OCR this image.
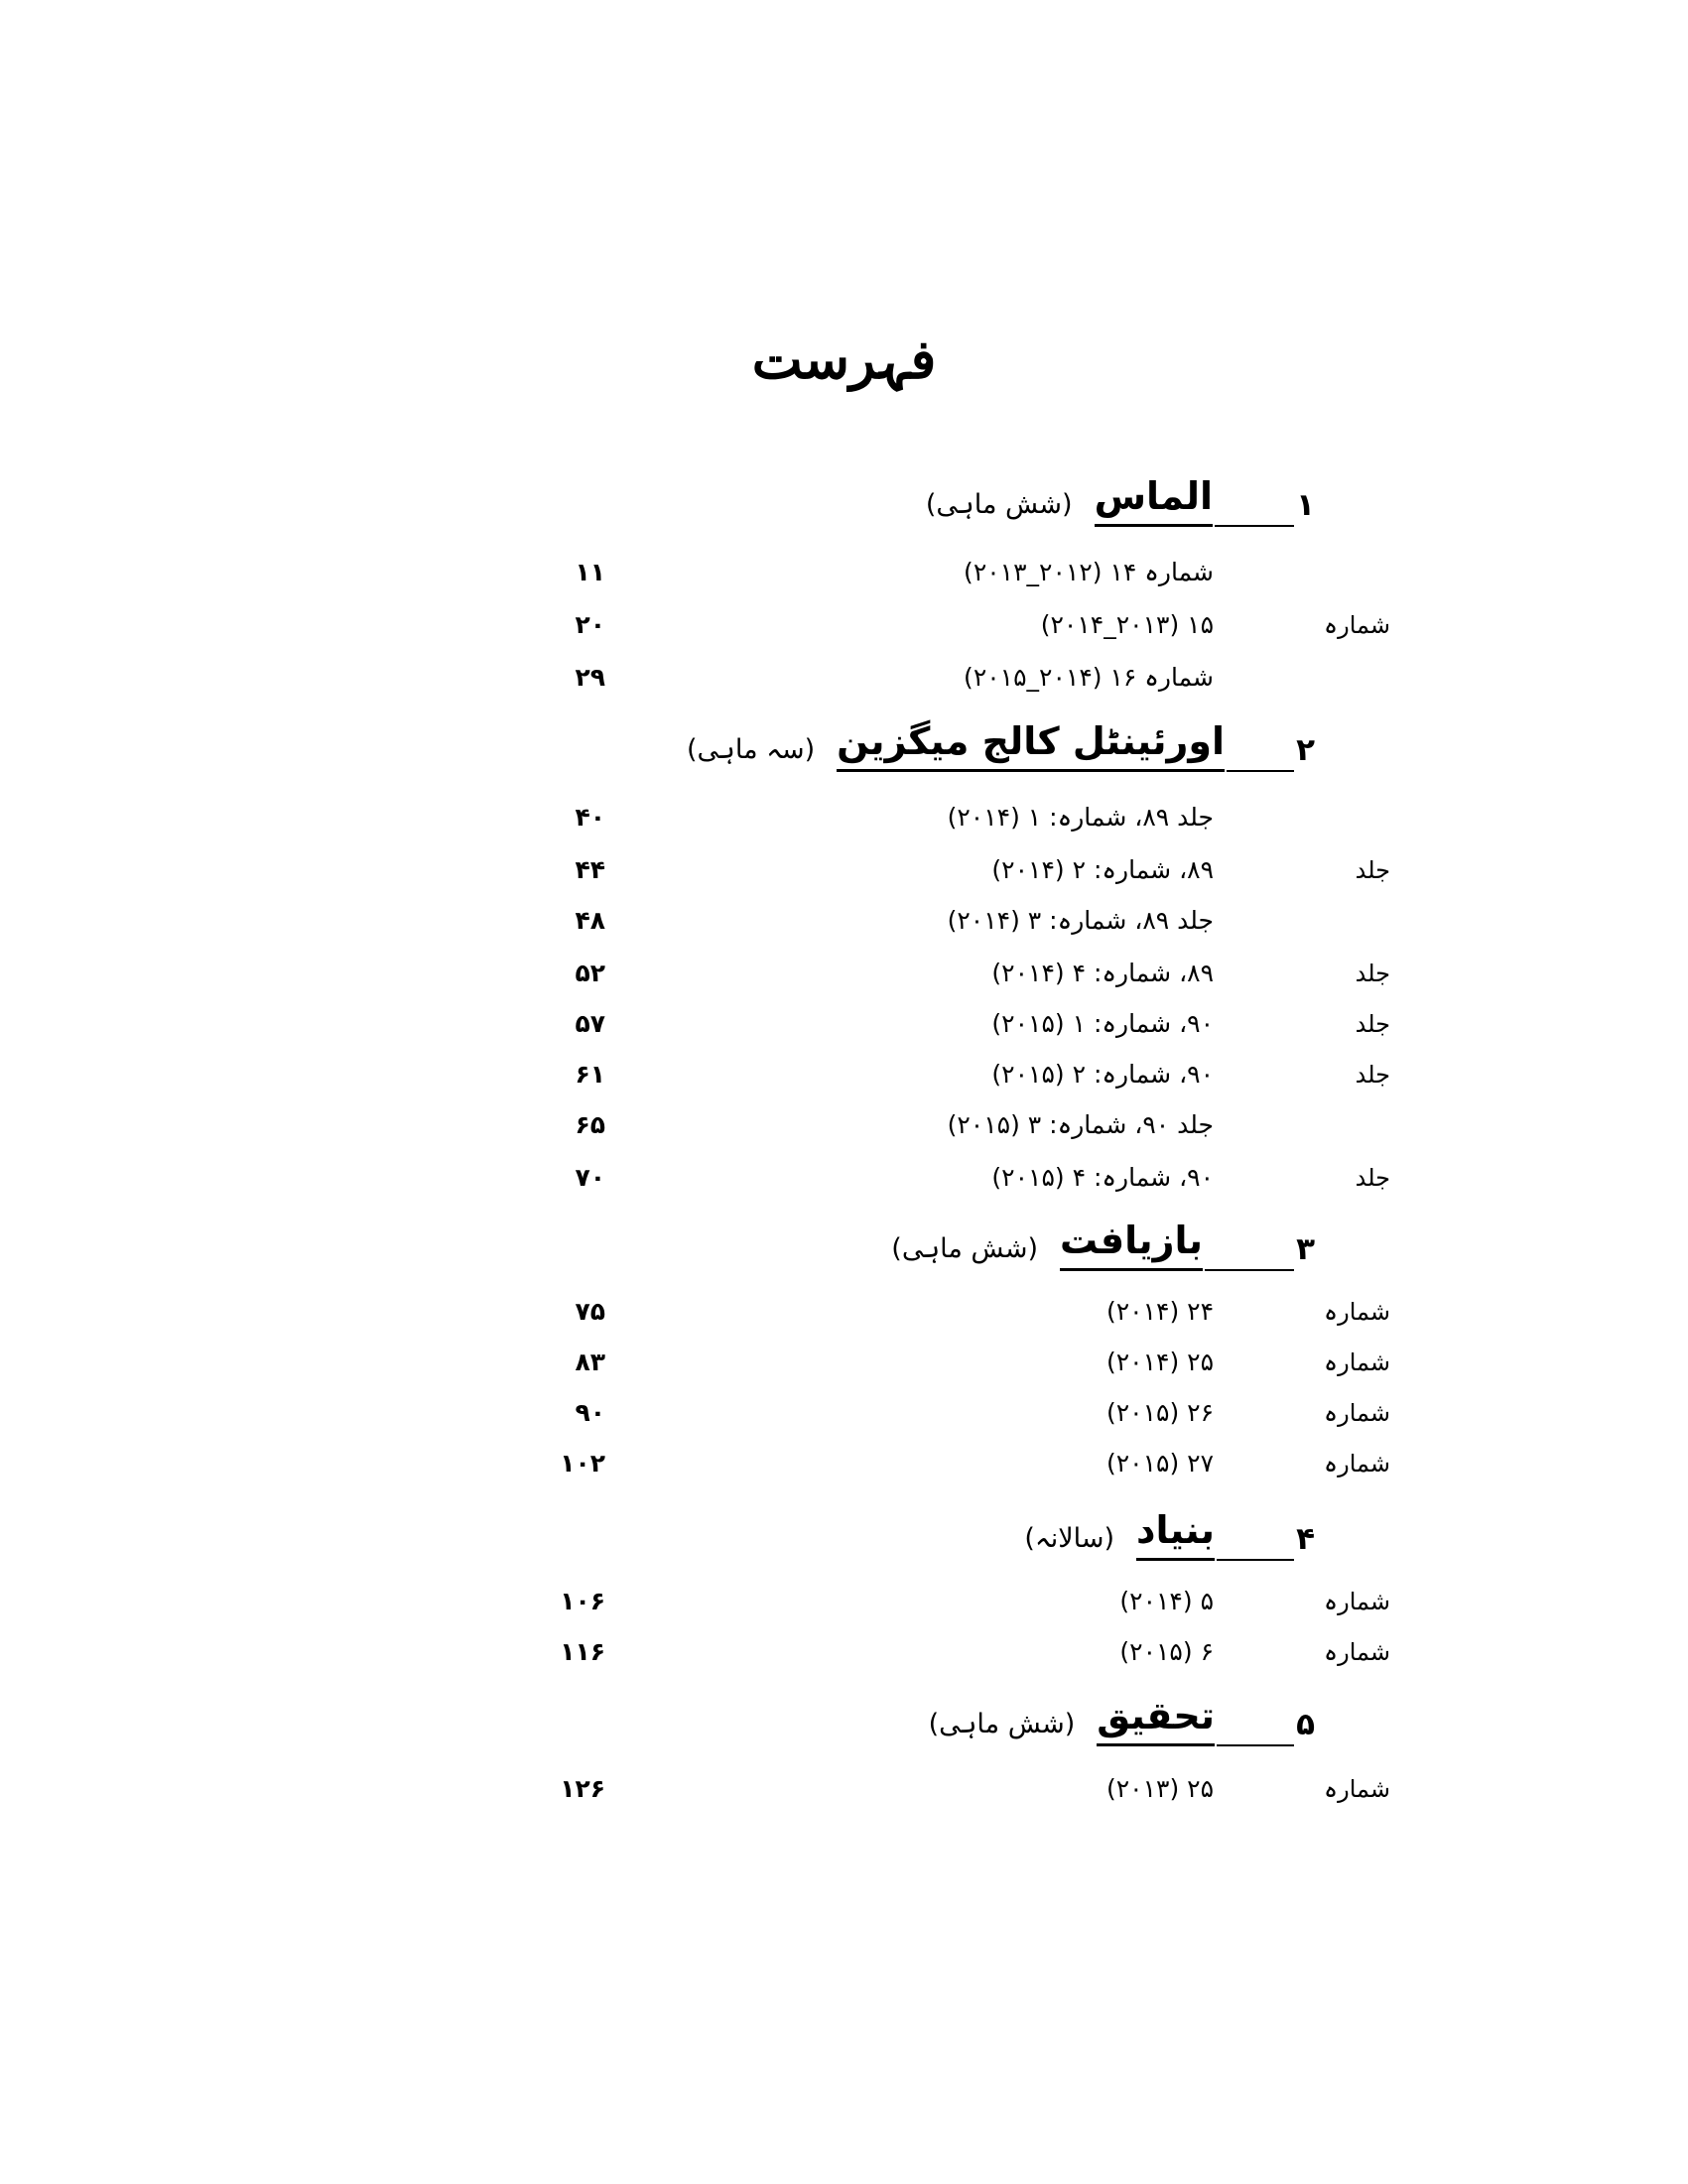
فہرست
۱
الماس
(شش ماہی)
شمارہ ۱۴ (۲۰۱۲_۲۰۱۳)
۱۱
شمارہ
۱۵ (۲۰۱۳_۲۰۱۴)
۲۰
شمارہ ۱۶ (۲۰۱۴_۲۰۱۵)
۲۹
۲
اورئینٹل کالج میگزین
(سہ ماہی)
جلد ۸۹، شمارہ: ۱ (۲۰۱۴)
۴۰
جلد
۸۹، شمارہ: ۲ (۲۰۱۴)
۴۴
جلد ۸۹، شمارہ: ۳ (۲۰۱۴)
۴۸
جلد
۸۹، شمارہ: ۴ (۲۰۱۴)
۵۲
جلد
۹۰، شمارہ: ۱ (۲۰۱۵)
۵۷
جلد
۹۰، شمارہ: ۲ (۲۰۱۵)
۶۱
جلد ۹۰، شمارہ: ۳ (۲۰۱۵)
۶۵
جلد
۹۰، شمارہ: ۴ (۲۰۱۵)
۷۰
۳
بازیافت
(شش ماہی)
شمارہ
۲۴ (۲۰۱۴)
۷۵
شمارہ
۲۵ (۲۰۱۴)
۸۳
شمارہ
۲۶ (۲۰۱۵)
۹۰
شمارہ
۲۷ (۲۰۱۵)
۱۰۲
۴
بنیاد
(سالانہ)
شمارہ
۵ (۲۰۱۴)
۱۰۶
شمارہ
۶ (۲۰۱۵)
۱۱۶
۵
تحقیق
(شش ماہی)
شمارہ
۲۵ (۲۰۱۳)
۱۲۶
